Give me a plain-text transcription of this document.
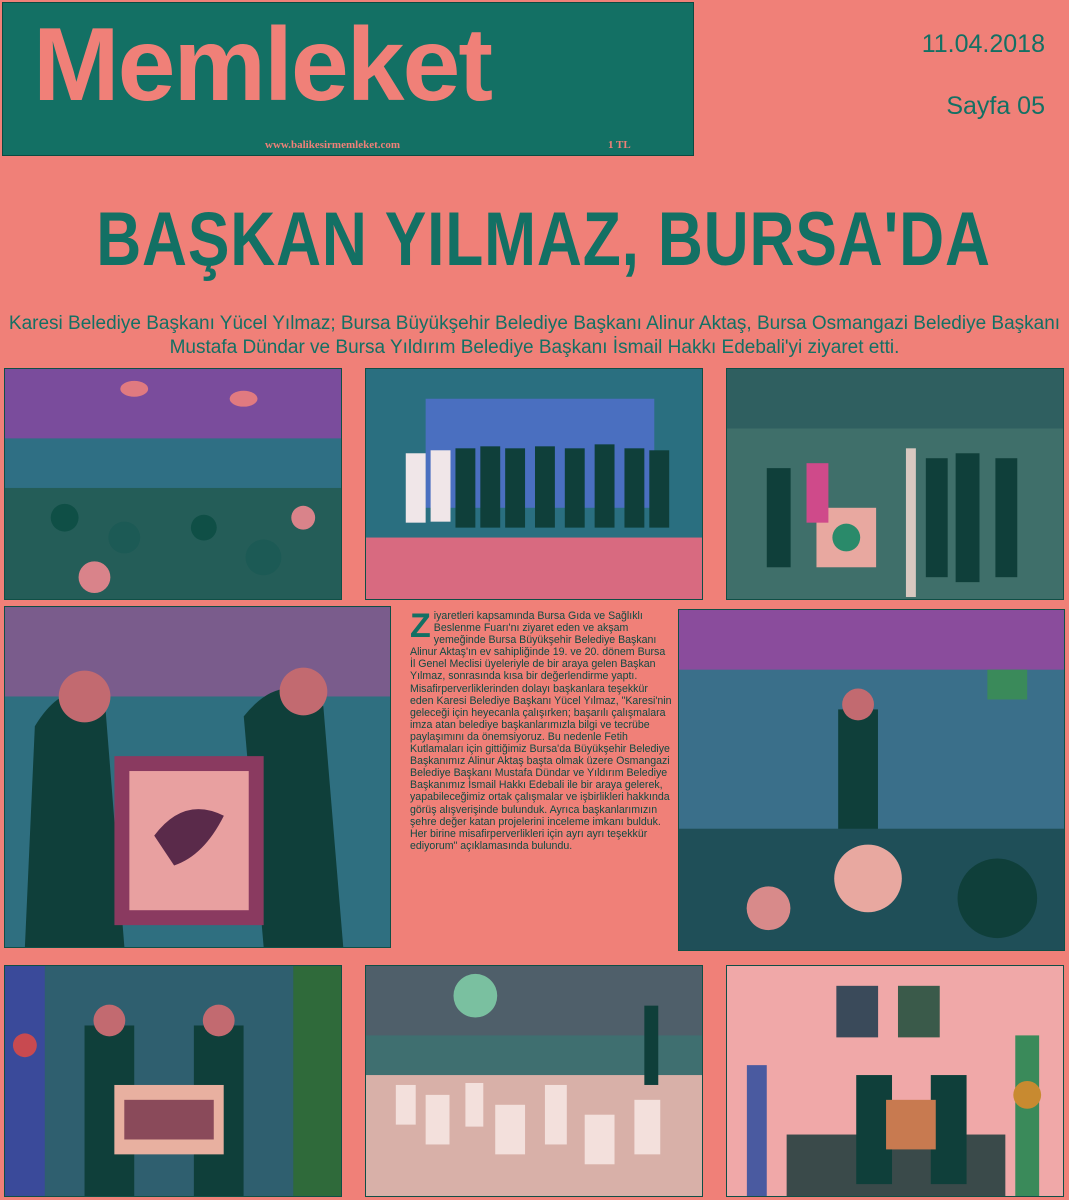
Memleket
www.balikesirmemleket.com	1 TL
11.04.2018
Sayfa 05
BAŞKAN YILMAZ, BURSA'DA
Karesi Belediye Başkanı Yücel Yılmaz; Bursa Büyükşehir Belediye Başkanı Alinur Aktaş, Bursa Osmangazi Belediye Başkanı Mustafa Dündar ve Bursa Yıldırım Belediye Başkanı İsmail Hakkı Edebali'yi ziyaret etti.

Ziyaretleri kapsamında Bursa Gıda ve Sağlıklı Beslenme Fuarı'nı ziyaret eden ve akşam yemeğinde Bursa Büyükşehir Belediye Başkanı Alinur Aktaş'ın ev sahipliğinde 19. ve 20. dönem Bursa İl Genel Meclisi üyeleriyle de bir araya gelen Başkan Yılmaz, sonrasında kısa bir değerlendirme yaptı.

Misafirperverliklerinden dolayı başkanlara teşekkür eden Karesi Belediye Başkanı Yücel Yılmaz, "Karesi'nin geleceği için heyecanla çalışırken; başarılı çalışmalara imza atan belediye başkanlarımızla bilgi ve tecrübe paylaşımını da önemsiyoruz. Bu nedenle Fetih Kutlamaları için gittiğimiz Bursa'da Büyükşehir Belediye Başkanımız Alinur Aktaş başta olmak üzere Osmangazi Belediye Başkanı Mustafa Dündar ve Yıldırım Belediye Başkanımız İsmail Hakkı Edebali ile bir araya gelerek, yapabileceğimiz ortak çalışmalar ve işbirlikleri hakkında görüş alışverişinde bulunduk. Ayrıca başkanlarımızın şehre değer katan projelerini inceleme imkanı bulduk. Her birine misafirperverlikleri için ayrı ayrı teşekkür ediyorum" açıklamasında bulundu.
